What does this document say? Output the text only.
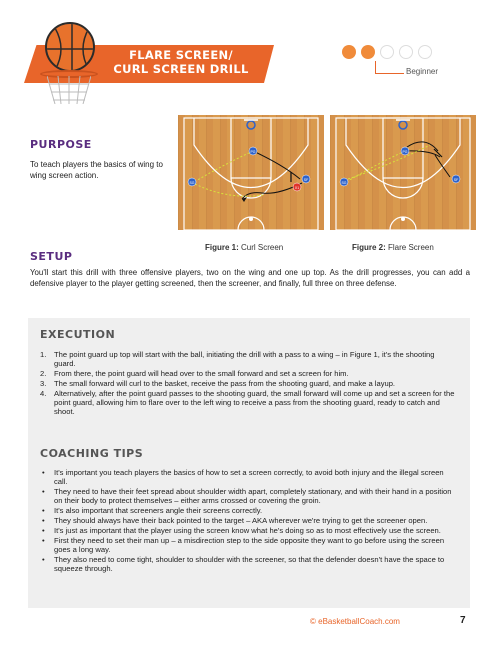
FLARE SCREEN/
CURL SCREEN DRILL	Beginner
PURPOSE
To teach players the basics of wing to wing screen action.
PG
SG
SF
X1
Figure 1: Curl Screen
PG
SG
SF
Figure 2: Flare Screen
SETUP
You'll start this drill with three offensive players, two on the wing and one up top. As the drill progresses, you can add a defensive player to the player getting screened, then the screener, and finally, full three on three defense.
EXECUTION
1. The point guard up top will start with the ball, initiating the drill with a pass to a wing – in Figure 1, it's the shooting guard.
2. From there, the point guard will head over to the small forward and set a screen for him.
3. The small forward will curl to the basket, receive the pass from the shooting guard, and make a layup.
4. Alternatively, after the point guard passes to the shooting guard, the small forward will come up and set a screen for the point guard, allowing him to flare over to the left wing to receive a pass from the shooting guard, ready to catch and shoot.
COACHING TIPS
• It's important you teach players the basics of how to set a screen correctly, to avoid both injury and the illegal screen call.
• They need to have their feet spread about shoulder width apart, completely stationary, and with their hand in a position on their body to protect themselves – either arms crossed or covering the groin.
• It's also important that screeners angle their screens correctly.
• They should always have their back pointed to the target – AKA wherever we're trying to get the screener open.
• It's just as important that the player using the screen know what he's doing so as to most effectively use the screen.
• First they need to set their man up – a misdirection step to the side opposite they want to go before using the screen goes a long way.
• They also need to come tight, shoulder to shoulder with the screener, so that the defender doesn't have the space to squeeze through.
© eBasketballCoach.com	7
